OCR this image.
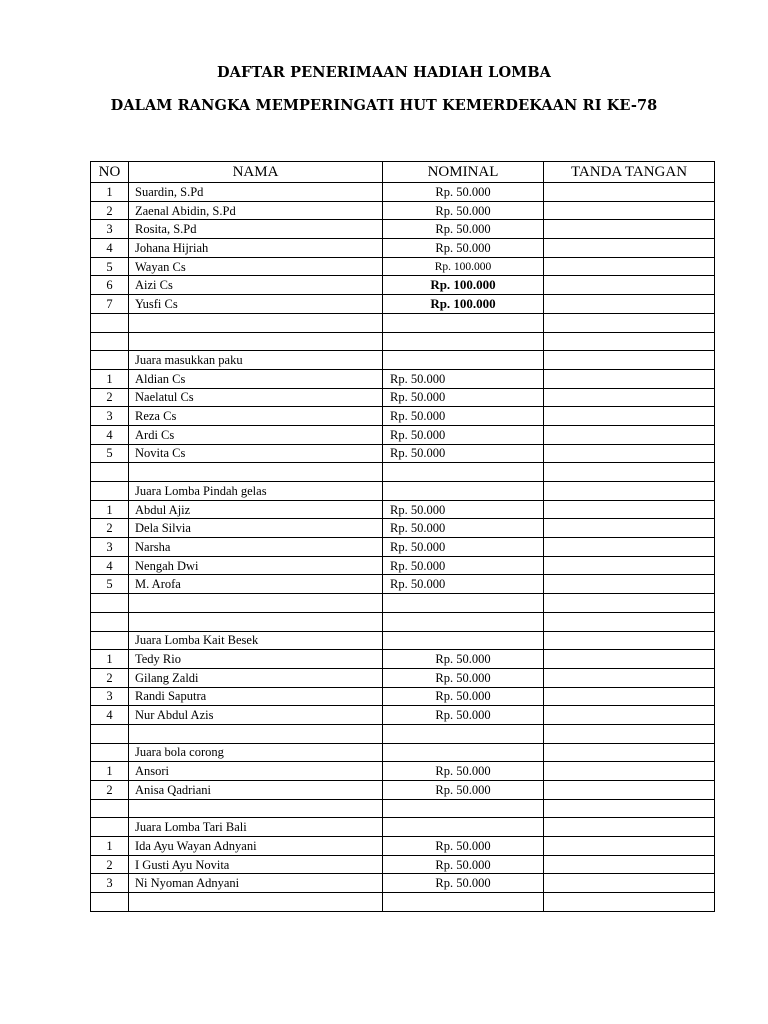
DAFTAR PENERIMAAN HADIAH LOMBA
DALAM RANGKA MEMPERINGATI HUT KEMERDEKAAN RI KE-78
NO	NAMA	NOMINAL	TANDA TANGAN
1	Suardin, S.Pd	Rp. 50.000	
2	Zaenal Abidin, S.Pd	Rp. 50.000	
3	Rosita, S.Pd	Rp. 50.000	
4	Johana Hijriah	Rp. 50.000	
5	Wayan Cs	Rp. 100.000	
6	Aizi Cs	Rp. 100.000	
7	Yusfi Cs	Rp. 100.000	

	Juara masukkan paku		
1	Aldian Cs	Rp. 50.000	
2	Naelatul Cs	Rp. 50.000	
3	Reza Cs	Rp. 50.000	
4	Ardi Cs	Rp. 50.000	
5	Novita Cs	Rp. 50.000	

	Juara Lomba Pindah gelas		
1	Abdul Ajiz	Rp. 50.000	
2	Dela Silvia	Rp. 50.000	
3	Narsha	Rp. 50.000	
4	Nengah Dwi	Rp. 50.000	
5	M. Arofa	Rp. 50.000	

	Juara Lomba Kait Besek		
1	Tedy Rio	Rp. 50.000	
2	Gilang Zaldi	Rp. 50.000	
3	Randi Saputra	Rp. 50.000	
4	Nur Abdul Azis	Rp. 50.000	

	Juara bola corong		
1	Ansori	Rp. 50.000	
2	Anisa Qadriani	Rp. 50.000	

	Juara Lomba Tari Bali		
1	Ida Ayu Wayan Adnyani	Rp. 50.000	
2	I Gusti Ayu Novita	Rp. 50.000	
3	Ni Nyoman Adnyani	Rp. 50.000	
